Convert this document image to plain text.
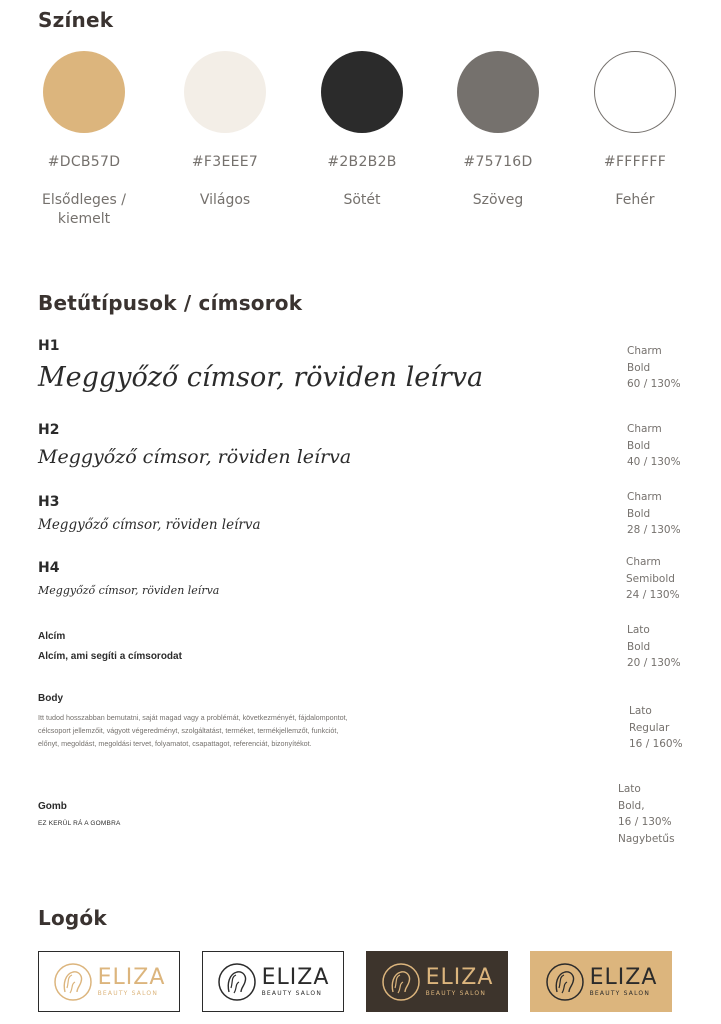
Színek
#DCB57D
Elsődleges /
kiemelt
#F3EEE7
Világos
#2B2B2B
Sötét
#75716D
Szöveg
#FFFFFF
Fehér
Betűtípusok / címsorok
H1
Meggyőző címsor, röviden leírva
Charm
Bold
60 / 130%
H2
Meggyőző címsor, röviden leírva
Charm
Bold
40 / 130%
H3
Meggyőző címsor, röviden leírva
Charm
Bold
28 / 130%
H4
Meggyőző címsor, röviden leírva
Charm
Semibold
24 / 130%
Alcím
Alcím, ami segíti a címsorodat
Lato
Bold
20 / 130%
Body
Itt tudod hosszabban bemutatni, saját magad vagy a problémát, következményét, fájdalompontot, célcsoport jellemzőit, vágyott végeredményt, szolgáltatást, terméket, termékjellemzőt, funkciót, előnyt, megoldást, megoldási tervet, folyamatot, csapattagot, referenciát, bizonyítékot.
Lato
Regular
16 / 160%
Gomb
EZ KERÜL RÁ A GOMBRA
Lato
Bold,
16 / 130%
Nagybetűs
Logók
ELIZA
BEAUTY SALON
ELIZA
BEAUTY SALON
ELIZA
BEAUTY SALON
ELIZA
BEAUTY SALON
